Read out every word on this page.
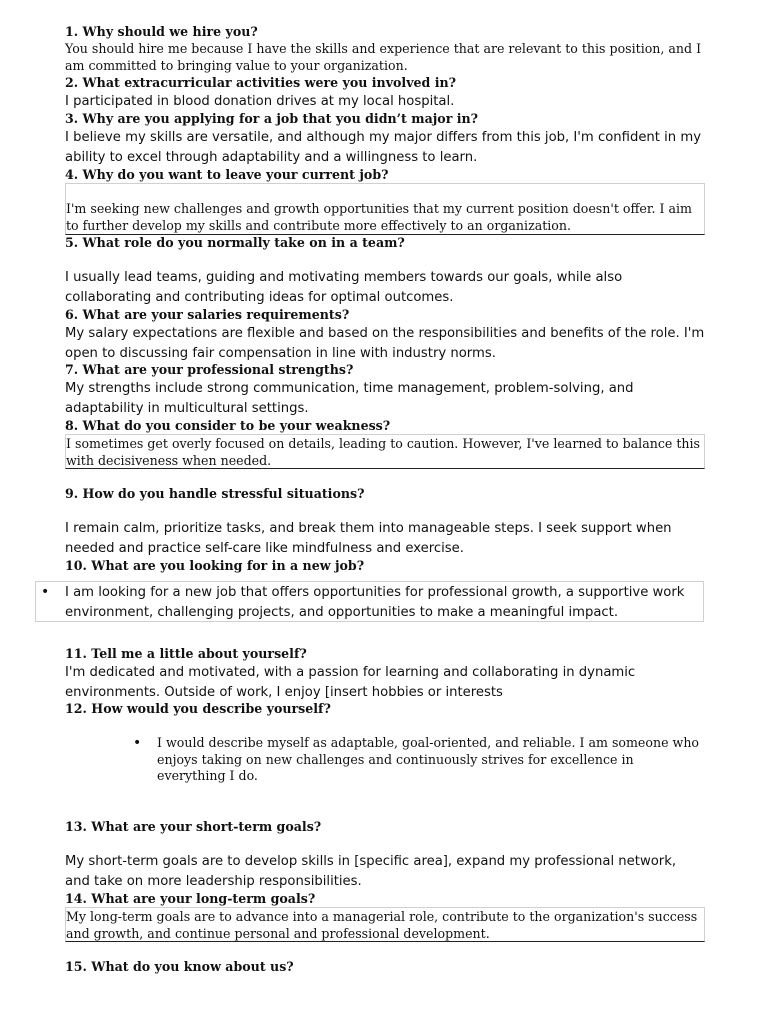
1. Why should we hire you?
You should hire me because I have the skills and experience that are relevant to this position, and I am committed to bringing value to your organization.
2. What extracurricular activities were you involved in?
I participated in blood donation drives at my local hospital.
3. Why are you applying for a job that you didn’t major in?
I believe my skills are versatile, and although my major differs from this job, I'm confident in my ability to excel through adaptability and a willingness to learn.
4. Why do you want to leave your current job?
I'm seeking new challenges and growth opportunities that my current position doesn't offer. I aim to further develop my skills and contribute more effectively to an organization.
5. What role do you normally take on in a team?
I usually lead teams, guiding and motivating members towards our goals, while also collaborating and contributing ideas for optimal outcomes.
6. What are your salaries requirements?
My salary expectations are flexible and based on the responsibilities and benefits of the role. I'm open to discussing fair compensation in line with industry norms.
7. What are your professional strengths?
My strengths include strong communication, time management, problem-solving, and adaptability in multicultural settings.
8. What do you consider to be your weakness?
I sometimes get overly focused on details, leading to caution. However, I've learned to balance this with decisiveness when needed.
9. How do you handle stressful situations?
I remain calm, prioritize tasks, and break them into manageable steps. I seek support when needed and practice self-care like mindfulness and exercise.
10. What are you looking for in a new job?
• I am looking for a new job that offers opportunities for professional growth, a supportive work environment, challenging projects, and opportunities to make a meaningful impact.
11. Tell me a little about yourself?
I'm dedicated and motivated, with a passion for learning and collaborating in dynamic environments. Outside of work, I enjoy [insert hobbies or interests
12. How would you describe yourself?
• I would describe myself as adaptable, goal-oriented, and reliable. I am someone who enjoys taking on new challenges and continuously strives for excellence in everything I do.
13. What are your short-term goals?
My short-term goals are to develop skills in [specific area], expand my professional network, and take on more leadership responsibilities.
14. What are your long-term goals?
My long-term goals are to advance into a managerial role, contribute to the organization's success and growth, and continue personal and professional development.
15. What do you know about us?
